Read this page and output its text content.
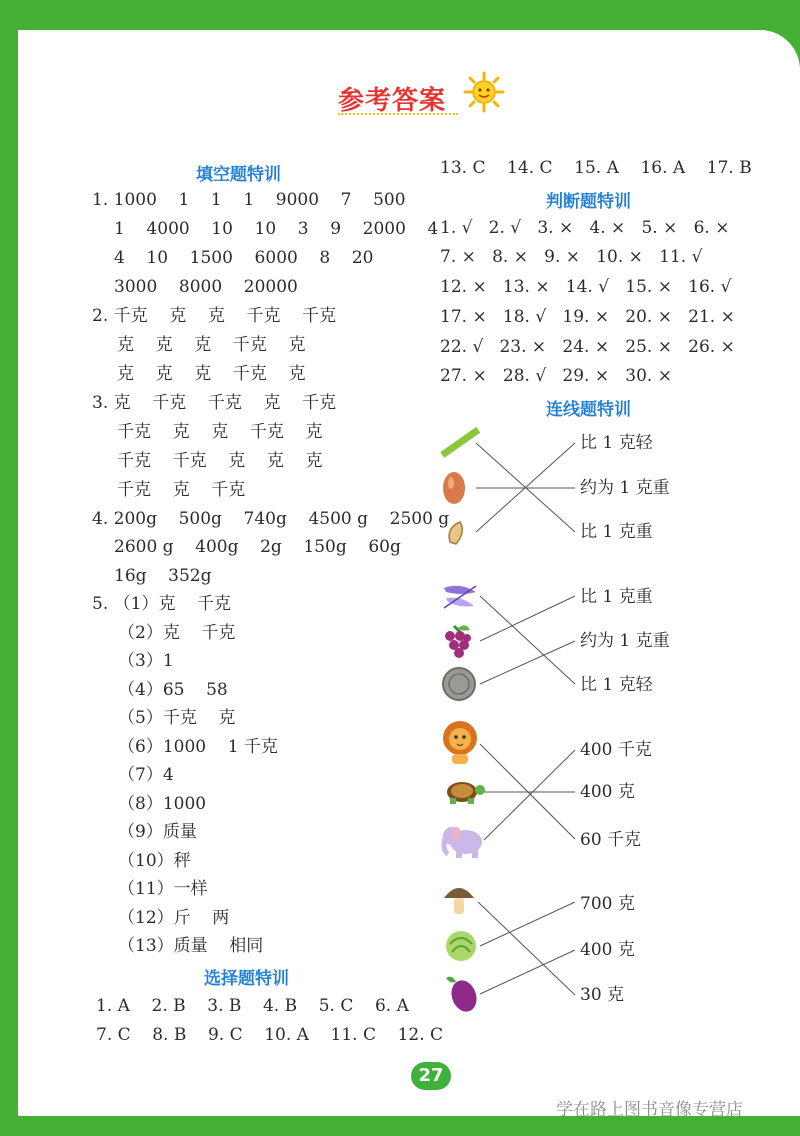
参考答案
填空题特训
1. 1000    1    1    1    9000    7    500
1    4000    10    10    3    9    2000    4
4    10    1500    6000    8    20
3000    8000    20000
2. 千克    克    克    千克    千克
克    克    克    千克    克
克    克    克    千克    克
3. 克    千克    千克    克    千克
千克    克    克    千克    克
千克    千克    克    克    克
千克    克    千克
4. 200g    500g    740g    4500 g    2500 g
2600 g    400g    2g    150g    60g
16g    352g
5. （1）克    千克
（2）克    千克
（3）1
（4）65    58
（5）千克    克
（6）1000    1 千克
（7）4
（8）1000
（9）质量
（10）秤
（11）一样
（12）斤    两
（13）质量    相同
选择题特训
1. A    2. B    3. B    4. B    5. C    6. A
7. C    8. B    9. C    10. A    11. C    12. C
13. C    14. C    15. A    16. A    17. B
判断题特训
1. √   2. √   3. ×   4. ×   5. ×   6. ×
7. ×   8. ×   9. ×   10. ×   11. √
12. ×   13. ×   14. √   15. ×   16. √
17. ×   18. √   19. ×   20. ×   21. ×
22. √   23. ×   24. ×   25. ×   26. ×
27. ×   28. √   29. ×   30. ×
连线题特训
比 1 克轻
约为 1 克重
比 1 克重
比 1 克重
约为 1 克重
比 1 克轻
400 千克
400 克
60 千克
700 克
400 克
30 克
27
学在路上图书音像专营店
